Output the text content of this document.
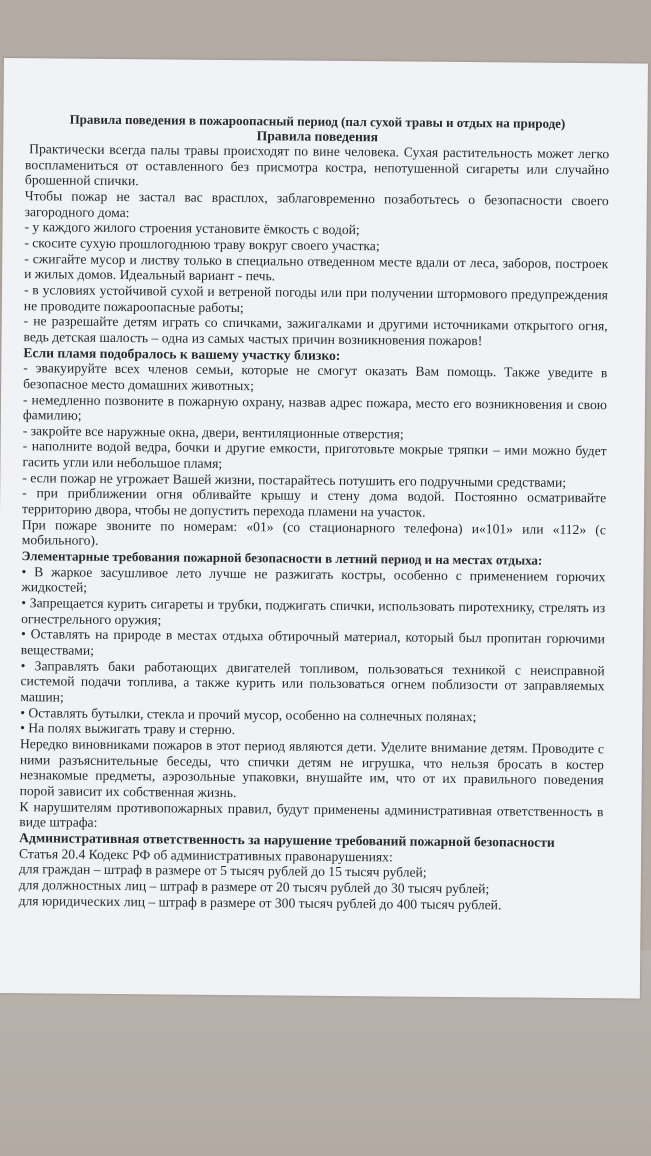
Правила поведения в пожароопасный период (пал сухой травы и отдых на природе)

Правила поведения

Практически всегда палы травы происходят по вине человека. Сухая растительность может легко воспламениться от оставленного без присмотра костра, непотушенной сигареты или случайно брошенной спички.

Чтобы пожар не застал вас врасплох, заблаговременно позаботьтесь о безопасности своего загородного дома:

- у каждого жилого строения установите ёмкость с водой;

- скосите сухую прошлогоднюю траву вокруг своего участка;

- сжигайте мусор и листву только в специально отведенном месте вдали от леса, заборов, построек и жилых домов. Идеальный вариант - печь.

- в условиях устойчивой сухой и ветреной погоды или при получении штормового предупреждения не проводите пожароопасные работы;

- не разрешайте детям играть со спичками, зажигалками и другими источниками открытого огня, ведь детская шалость – одна из самых частых причин возникновения пожаров!

Если пламя подобралось к вашему участку близко:

- эвакуируйте всех членов семьи, которые не смогут оказать Вам помощь. Также уведите в безопасное место домашних животных;

- немедленно позвоните в пожарную охрану, назвав адрес пожара, место его возникновения и свою фамилию;

- закройте все наружные окна, двери, вентиляционные отверстия;

- наполните водой ведра, бочки и другие емкости, приготовьте мокрые тряпки – ими можно будет гасить угли или небольшое пламя;

- если пожар не угрожает Вашей жизни, постарайтесь потушить его подручными средствами;

- при приближении огня обливайте крышу и стену дома водой. Постоянно осматривайте территорию двора, чтобы не допустить перехода пламени на участок.

При пожаре звоните по номерам: «01» (со стационарного телефона) и«101» или «112» (с мобильного).

Элементарные требования пожарной безопасности в летний период и на местах отдыха:

• В жаркое засушливое лето лучше не разжигать костры, особенно с применением горючих жидкостей;

• Запрещается курить сигареты и трубки, поджигать спички, использовать пиротехнику, стрелять из огнестрельного оружия;

• Оставлять на природе в местах отдыха обтирочный материал, который был пропитан горючими веществами;

• Заправлять баки работающих двигателей топливом, пользоваться техникой с неисправной системой подачи топлива, а также курить или пользоваться огнем поблизости от заправляемых машин;

• Оставлять бутылки, стекла и прочий мусор, особенно на солнечных полянах;

• На полях выжигать траву и стерню.

Нередко виновниками пожаров в этот период являются дети. Уделите внимание детям. Проводите с ними разъяснительные беседы, что спички детям не игрушка, что нельзя бросать в костер незнакомые предметы, аэрозольные упаковки, внушайте им, что от их правильного поведения порой зависит их собственная жизнь.

К нарушителям противопожарных правил, будут применены административная ответственность в виде штрафа:

Административная ответственность за нарушение требований пожарной безопасности

Статья 20.4 Кодекс РФ об административных правонарушениях:

для граждан – штраф в размере от 5 тысяч рублей до 15 тысяч рублей;

для должностных лиц – штраф в размере от 20 тысяч рублей до 30 тысяч рублей;

для юридических лиц – штраф в размере от 300 тысяч рублей до 400 тысяч рублей.
